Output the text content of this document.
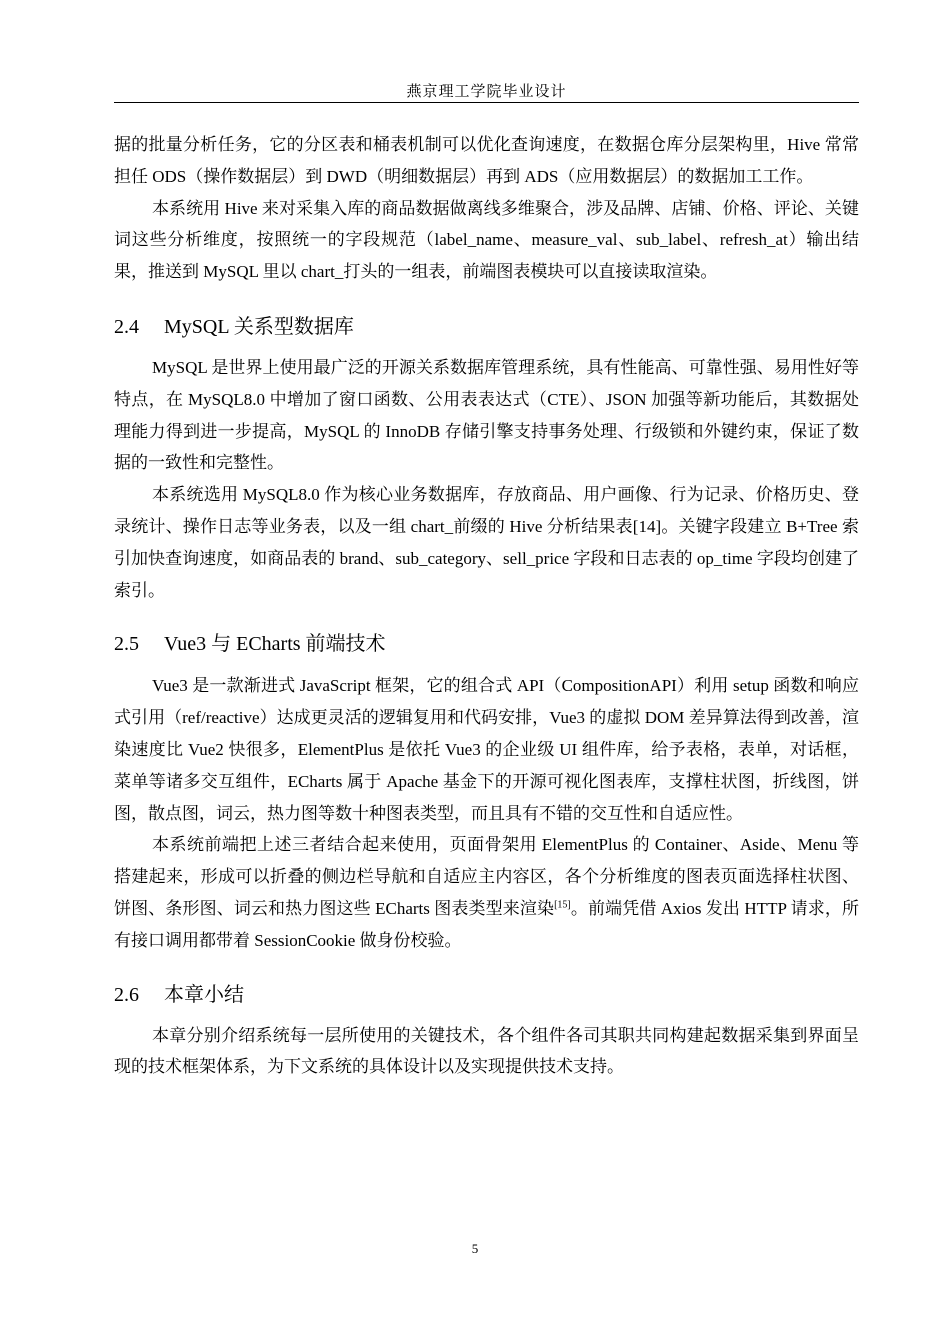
燕京理工学院毕业设计

据的批量分析任务，它的分区表和桶表机制可以优化查询速度，在数据仓库分层架构里，Hive 常常担任 ODS（操作数据层）到 DWD（明细数据层）再到 ADS（应用数据层）的数据加工工作。

本系统用 Hive 来对采集入库的商品数据做离线多维聚合，涉及品牌、店铺、价格、评论、关键词这些分析维度，按照统一的字段规范（label_name、measure_val、sub_label、refresh_at）输出结果，推送到 MySQL 里以 chart_打头的一组表，前端图表模块可以直接读取渲染。

2.4 MySQL 关系型数据库

MySQL 是世界上使用最广泛的开源关系数据库管理系统，具有性能高、可靠性强、易用性好等特点，在 MySQL8.0 中增加了窗口函数、公用表表达式（CTE）、JSON 加强等新功能后，其数据处理能力得到进一步提高，MySQL 的 InnoDB 存储引擎支持事务处理、行级锁和外键约束，保证了数据的一致性和完整性。

本系统选用 MySQL8.0 作为核心业务数据库，存放商品、用户画像、行为记录、价格历史、登录统计、操作日志等业务表，以及一组 chart_前缀的 Hive 分析结果表[14]。关键字段建立 B+Tree 索引加快查询速度，如商品表的 brand、sub_category、sell_price 字段和日志表的 op_time 字段均创建了索引。

2.5 Vue3 与 ECharts 前端技术

Vue3 是一款渐进式 JavaScript 框架，它的组合式 API（CompositionAPI）利用 setup 函数和响应式引用（ref/reactive）达成更灵活的逻辑复用和代码安排，Vue3 的虚拟 DOM 差异算法得到改善，渲染速度比 Vue2 快很多，ElementPlus 是依托 Vue3 的企业级 UI 组件库，给予表格，表单，对话框，菜单等诸多交互组件，ECharts 属于 Apache 基金下的开源可视化图表库，支撑柱状图，折线图，饼图，散点图，词云，热力图等数十种图表类型，而且具有不错的交互性和自适应性。

本系统前端把上述三者结合起来使用，页面骨架用 ElementPlus 的 Container、Aside、Menu 等搭建起来，形成可以折叠的侧边栏导航和自适应主内容区，各个分析维度的图表页面选择柱状图、饼图、条形图、词云和热力图这些 ECharts 图表类型来渲染[15]。前端凭借 Axios 发出 HTTP 请求，所有接口调用都带着 SessionCookie 做身份校验。

2.6 本章小结

本章分别介绍系统每一层所使用的关键技术，各个组件各司其职共同构建起数据采集到界面呈现的技术框架体系，为下文系统的具体设计以及实现提供技术支持。

5
